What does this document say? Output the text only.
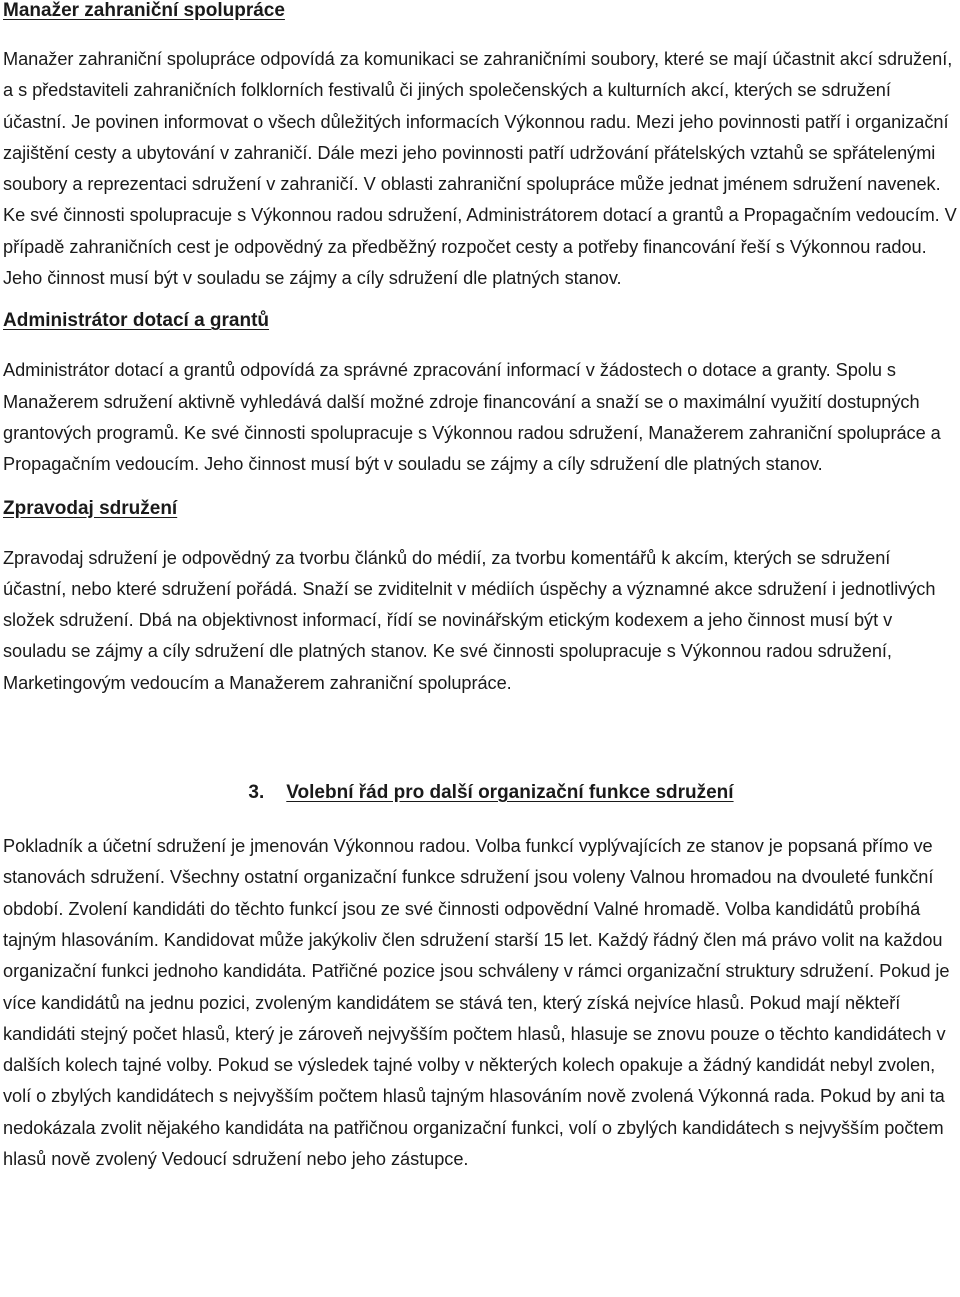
Manažer zahraniční spolupráce

Manažer zahraniční spolupráce odpovídá za komunikaci se zahraničními soubory, které se mají účastnit akcí sdružení, a s představiteli zahraničních folklorních festivalů či jiných společenských a kulturních akcí, kterých se sdružení účastní. Je povinen informovat o všech důležitých informacích Výkonnou radu. Mezi jeho povinnosti patří i organizační zajištění cesty a ubytování v zahraničí. Dále mezi jeho povinnosti patří udržování přátelských vztahů se spřátelenými soubory a reprezentaci sdružení v zahraničí. V oblasti zahraniční spolupráce může jednat jménem sdružení navenek. Ke své činnosti spolupracuje s Výkonnou radou sdružení, Administrátorem dotací a grantů a Propagačním vedoucím. V případě zahraničních cest je odpovědný za předběžný rozpočet cesty a potřeby financování řeší s Výkonnou radou. Jeho činnost musí být v souladu se zájmy a cíly sdružení dle platných stanov.

Administrátor dotací a grantů

Administrátor dotací a grantů odpovídá za správné zpracování informací v žádostech o dotace a granty. Spolu s Manažerem sdružení aktivně vyhledává další možné zdroje financování a snaží se o maximální využití dostupných grantových programů. Ke své činnosti spolupracuje s Výkonnou radou sdružení, Manažerem zahraniční spolupráce a Propagačním vedoucím. Jeho činnost musí být v souladu se zájmy a cíly sdružení dle platných stanov.

Zpravodaj sdružení

Zpravodaj sdružení je odpovědný za tvorbu článků do médií, za tvorbu komentářů k akcím, kterých se sdružení účastní, nebo které sdružení pořádá. Snaží se zviditelnit v médiích úspěchy a významné akce sdružení i jednotlivých složek sdružení. Dbá na objektivnost informací, řídí se novinářským etickým kodexem a jeho činnost musí být v souladu se zájmy a cíly sdružení dle platných stanov. Ke své činnosti spolupracuje s Výkonnou radou sdružení, Marketingovým vedoucím a Manažerem zahraniční spolupráce.

3. Volební řád pro další organizační funkce sdružení

Pokladník a účetní sdružení je jmenován Výkonnou radou. Volba funkcí vyplývajících ze stanov je popsaná přímo ve stanovách sdružení. Všechny ostatní organizační funkce sdružení jsou voleny Valnou hromadou na dvouleté funkční období. Zvolení kandidáti do těchto funkcí jsou ze své činnosti odpovědní Valné hromadě. Volba kandidátů probíhá tajným hlasováním. Kandidovat může jakýkoliv člen sdružení starší 15 let. Každý řádný člen má právo volit na každou organizační funkci jednoho kandidáta. Patřičné pozice jsou schváleny v rámci organizační struktury sdružení. Pokud je více kandidátů na jednu pozici, zvoleným kandidátem se stává ten, který získá nejvíce hlasů. Pokud mají někteří kandidáti stejný počet hlasů, který je zároveň nejvyšším počtem hlasů, hlasuje se znovu pouze o těchto kandidátech v dalších kolech tajné volby. Pokud se výsledek tajné volby v některých kolech opakuje a žádný kandidát nebyl zvolen, volí o zbylých kandidátech s nejvyšším počtem hlasů tajným hlasováním nově zvolená Výkonná rada. Pokud by ani ta nedokázala zvolit nějakého kandidáta na patřičnou organizační funkci, volí o zbylých kandidátech s nejvyšším počtem hlasů nově zvolený Vedoucí sdružení nebo jeho zástupce.
